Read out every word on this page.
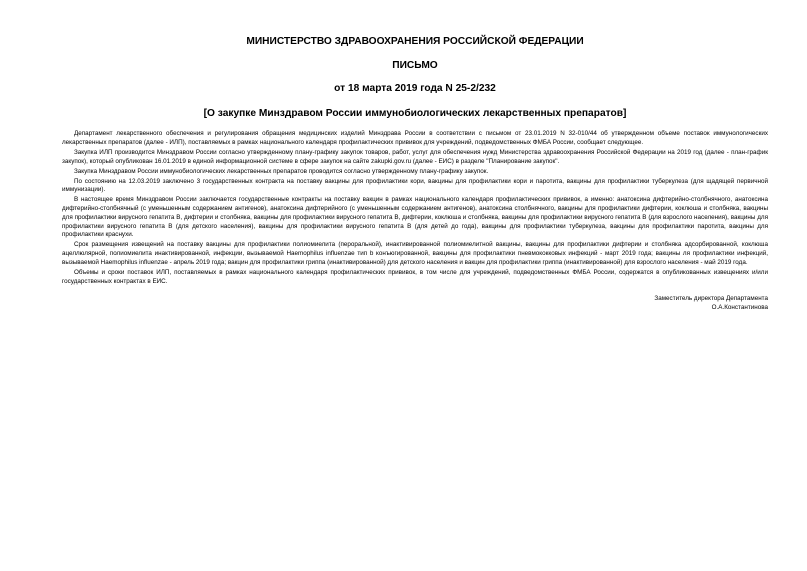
МИНИСТЕРСТВО ЗДРАВООХРАНЕНИЯ РОССИЙСКОЙ ФЕДЕРАЦИИ

ПИСЬМО

от 18 марта 2019 года N 25-2/232

[О закупке Минздравом России иммунобиологических лекарственных препаратов]

Департамент лекарственного обеспечения и регулирования обращения медицинских изделий Минздрава России в соответствии с письмом от 23.01.2019 N 32-010/44 об утвержденном объеме поставок иммунологических лекарственных препаратов (далее - ИЛП), поставляемых в рамках национального календаря профилактических прививок для учреждений, подведомственных ФМБА России, сообщает следующее.

Закупка ИЛП производится Минздравом России согласно утвержденному плану-графику закупок товаров, работ, услуг для обеспечения нужд Министерства здравоохранения Российской Федерации на 2019 год (далее - план-график закупок), который опубликован 16.01.2019 в единой информационной системе в сфере закупок на сайте zakupki.gov.ru (далее - ЕИС) в разделе "Планирование закупок".

Закупка Минздравом России иммунобиологических лекарственных препаратов проводится согласно утвержденному плану-графику закупок.

По состоянию на 12.03.2019 заключено 3 государственных контракта на поставку вакцины для профилактики кори, вакцины для профилактики кори и паротита, вакцины для профилактики туберкулеза (для щадящей первичной иммунизации).

В настоящее время Минздравом России заключается государственные контракты на поставку вакцин в рамках национального календаря профилактических прививок, а именно: анатоксина дифтерийно-столбнячного, анатоксина дифтерийно-столбнячный (с уменьшенным содержанием антигенов), анатоксина дифтерийного (с уменьшенным содержанием антигенов), анатоксина столбнячного, вакцины для профилактики дифтерии, коклюша и столбняка, вакцины для профилактики вирусного гепатита В, дифтерии и столбняка, вакцины для профилактики вирусного гепатита В, дифтерии, коклюша и столбняка, вакцины для профилактики вирусного гепатита В (для взрослого населения), вакцины для профилактики вирусного гепатита В (для детского населения), вакцины для профилактики вирусного гепатита В (для детей до года), вакцины для профилактики туберкулеза, вакцины для профилактики паротита, вакцины для профилактики краснухи.

Срок размещения извещений на поставку вакцины для профилактики полиомиелита (пероральной), инактивированной полиомиелитной вакцины, вакцины для профилактики дифтерии и столбняка адсорбированной, коклюша ацеллюлярной, полиомиелита инактивированной, инфекции, вызываемой Haemophilus influenzae тип b конъюгированной, вакцины для профилактики пневмококковых инфекций - март 2019 года; вакцины ля профилактики инфекций, вызываемой Haemophilus influenzae - апрель 2019 года; вакцин для профилактики гриппа (инактивированной) для детского населения и вакцин для профилактики гриппа (инактивированной) для взрослого населения - май 2019 года.

Объемы и сроки поставок ИЛП, поставляемых в рамках национального календаря профилактических прививок, в том числе для учреждений, подведомственных ФМБА России, содержатся в опубликованных извещениях и/или государственных контрактах в ЕИС.

Заместитель директора Департамента
О.А.Константинова
